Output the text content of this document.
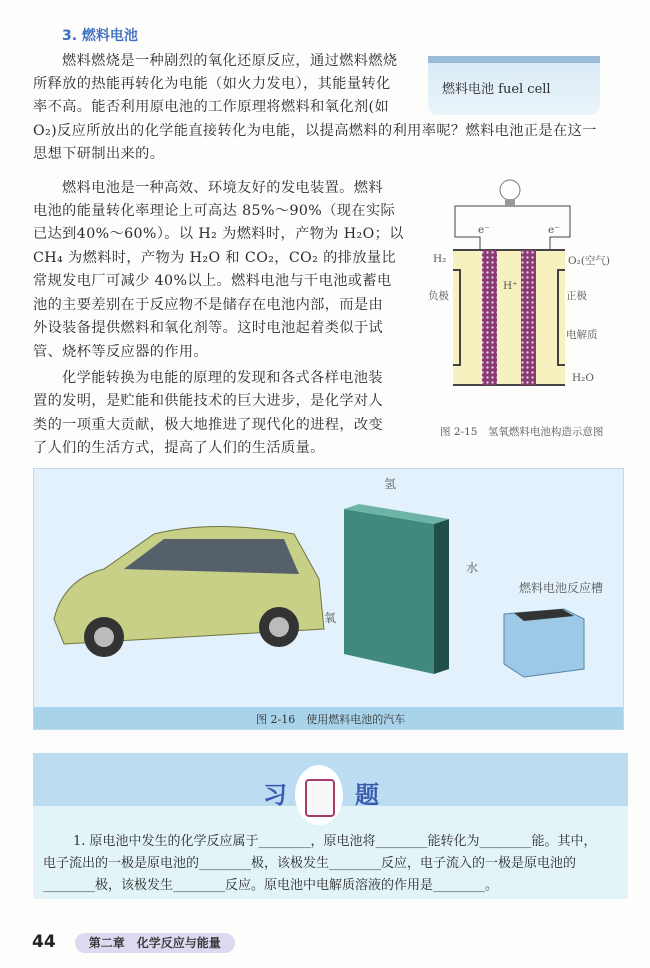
3. 燃料电池
燃料电池 fuel cell
燃料燃烧是一种剧烈的氧化还原反应，通过燃料燃烧
所释放的热能再转化为电能（如火力发电），其能量转化
率不高。能否利用原电池的工作原理将燃料和氧化剂(如
O₂)反应所放出的化学能直接转化为电能，以提高燃料的利用率呢？燃料电池正是在这一
思想下研制出来的。
燃料电池是一种高效、环境友好的发电装置。燃料
电池的能量转化率理论上可高达 85%～90%（现在实际
已达到40%～60%）。以 H₂ 为燃料时，产物为 H₂O；以
CH₄ 为燃料时，产物为 H₂O 和 CO₂，CO₂ 的排放量比
常规发电厂可减少 40%以上。燃料电池与干电池或蓄电
池的主要差别在于反应物不是储存在电池内部，而是由
外设装备提供燃料和氧化剂等。这时电池起着类似于试
管、烧杯等反应器的作用。
化学能转换为电能的原理的发现和各式各样电池装
置的发明，是贮能和供能技术的巨大进步，是化学对人
类的一项重大贡献，极大地推进了现代化的进程，改变
了人们的生活方式，提高了人们的生活质量。
e⁻	e⁻
H₂	O₂(空气)
负极
H⁺
正极
电解质
H₂O
图 2-15　氢氧燃料电池构造示意图
氢
水
氧
燃料电池反应槽
图 2-16　使用燃料电池的汽车
习	题
1. 原电池中发生的化学反应属于________，原电池将________能转化为________能。其中，
电子流出的一极是原电池的________极，该极发生________反应，电子流入的一极是原电池的
________极，该极发生________反应。原电池中电解质溶液的作用是________。
44	第二章　化学反应与能量
